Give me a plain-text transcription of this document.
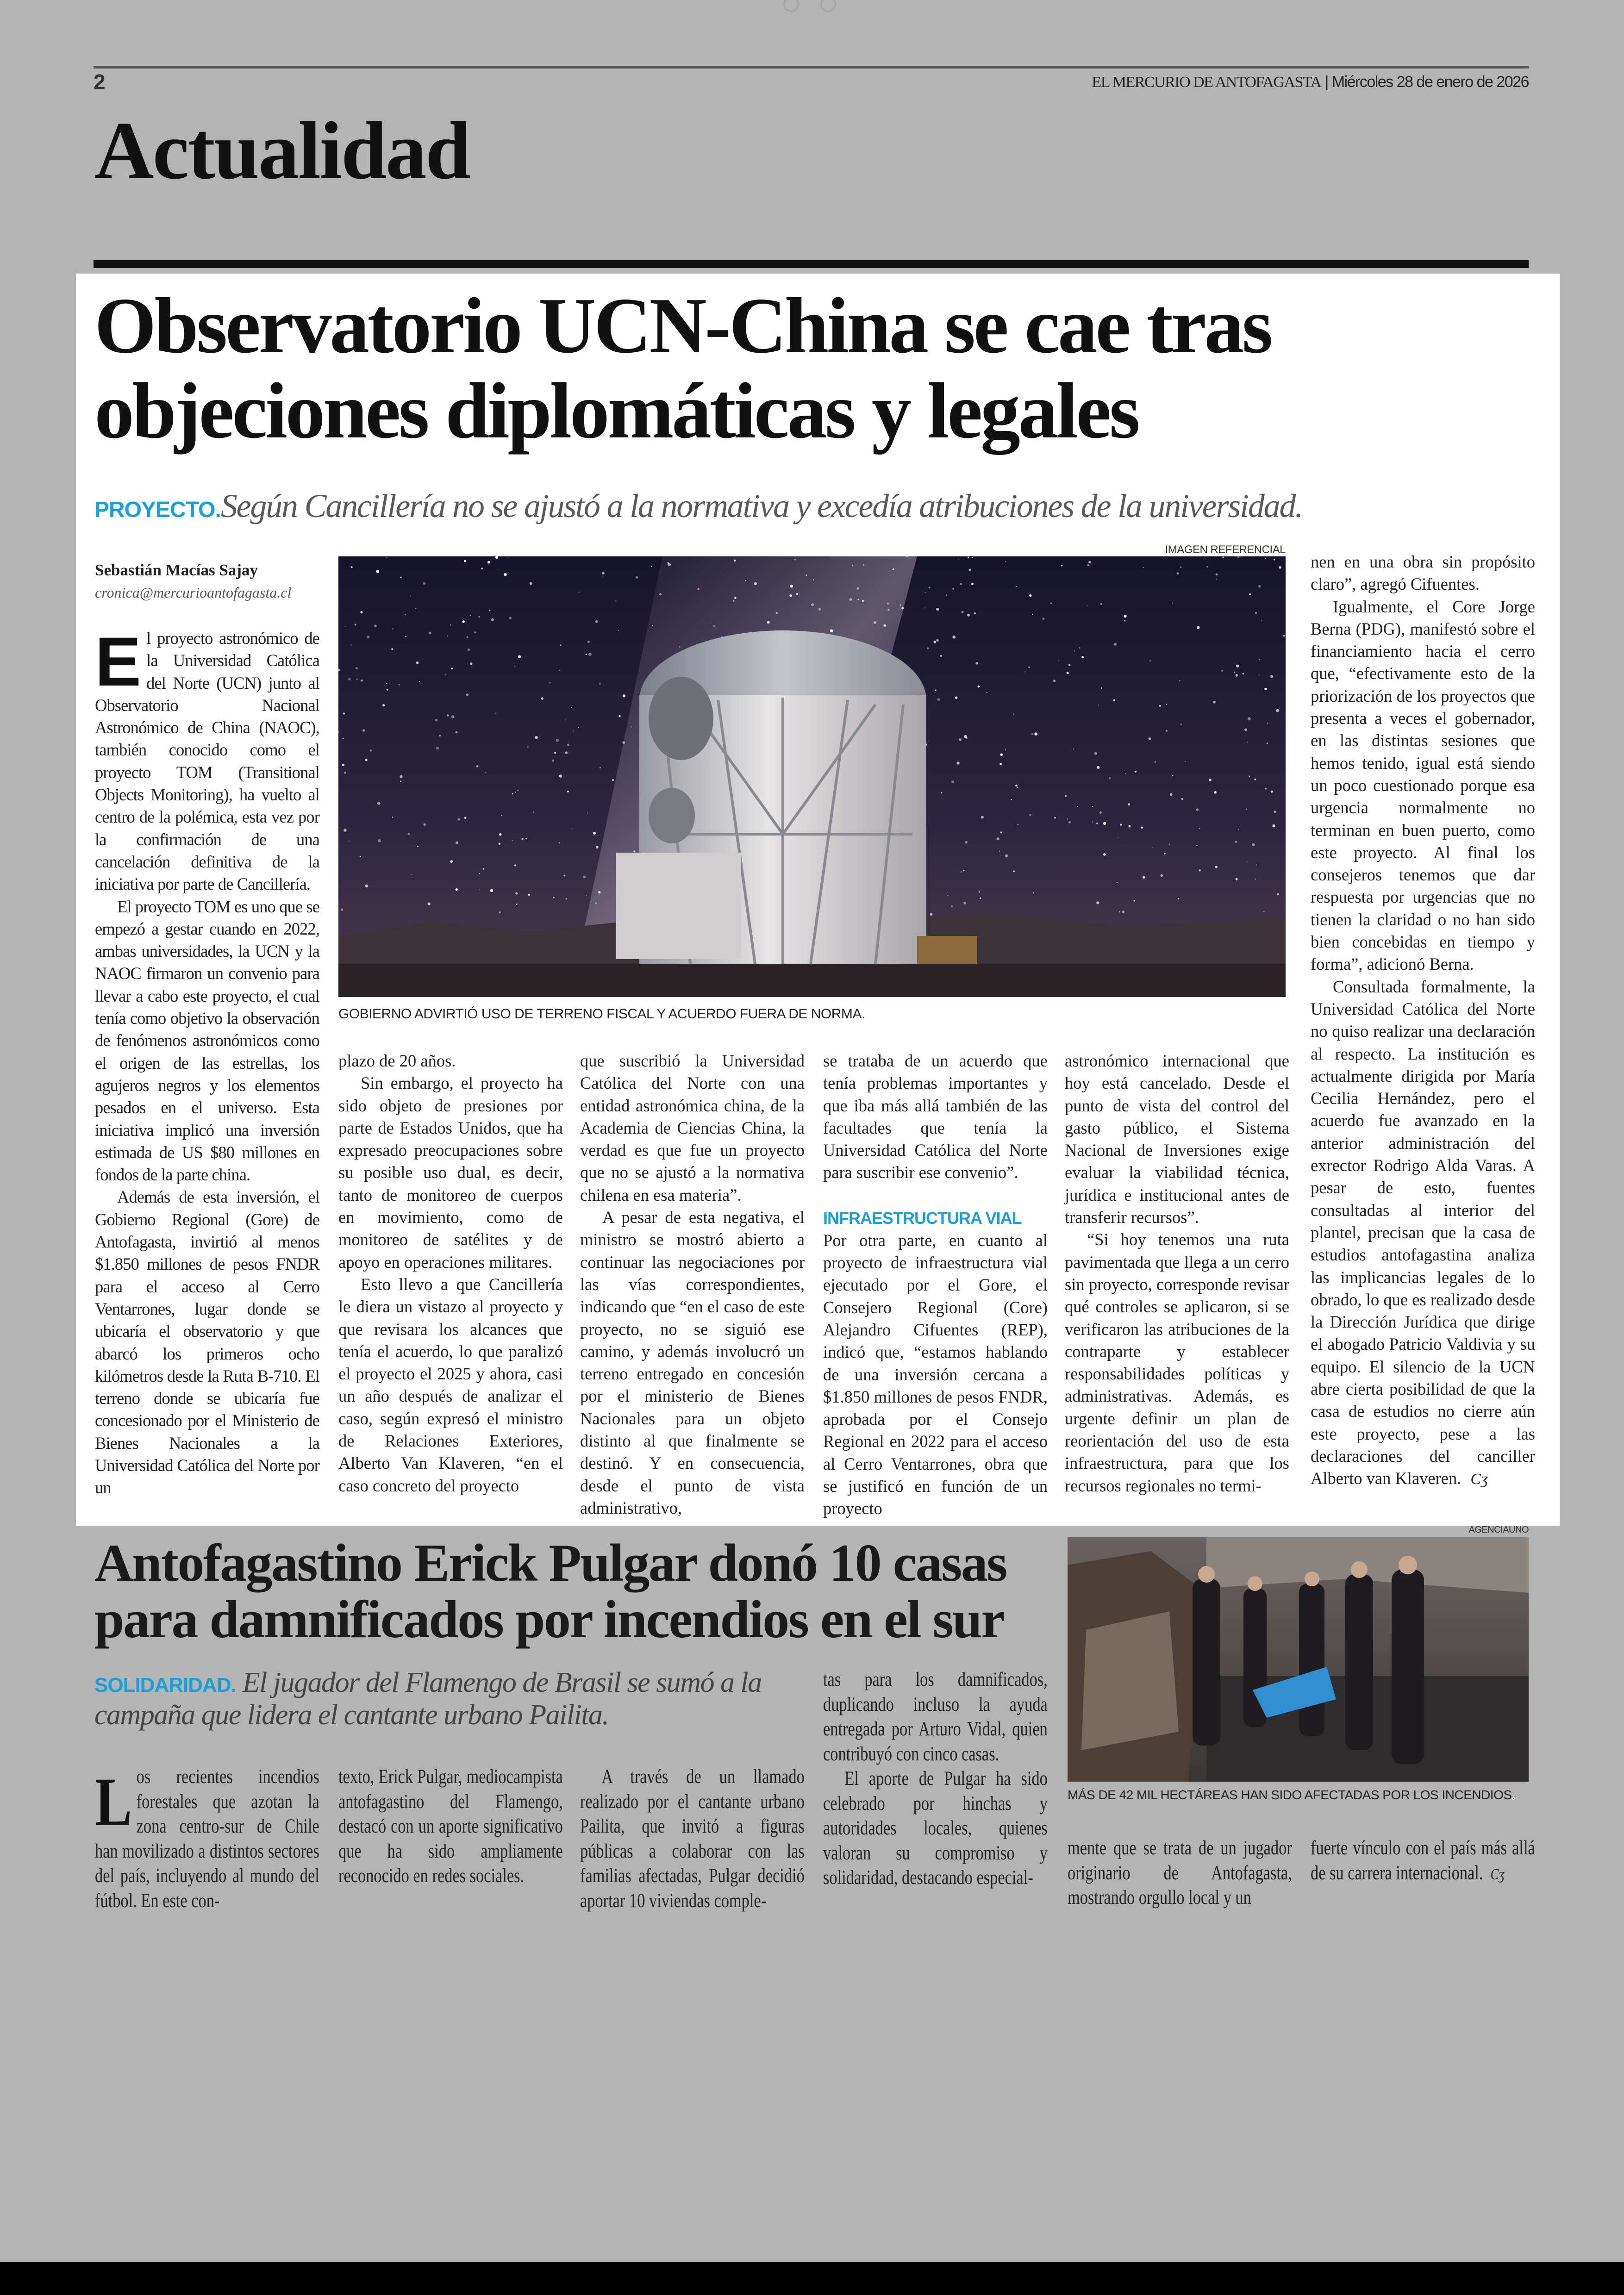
2	EL MERCURIO DE ANTOFAGASTA | Miércoles 28 de enero de 2026
Actualidad
Observatorio UCN-China se cae tras
objeciones diplomáticas y legales
PROYECTO.Según Cancillería no se ajustó a la normativa y excedía atribuciones de la universidad.
Sebastián Macías Sajay
cronica@mercurioantofagasta.cl
IMAGEN REFERENCIAL
GOBIERNO ADVIRTIÓ USO DE TERRENO FISCAL Y ACUERDO FUERA DE NORMA.

El proyecto astronómico de la Universidad Católica del Norte (UCN) junto al Observatorio Nacional Astronómico de China (NAOC), también conocido como el proyecto TOM (Transitional Objects Monitoring), ha vuelto al centro de la polémica, esta vez por la confirmación de una cancelación definitiva de la iniciativa por parte de Cancillería.

El proyecto TOM es uno que se empezó a gestar cuando en 2022, ambas universidades, la UCN y la NAOC firmaron un convenio para llevar a cabo este proyecto, el cual tenía como objetivo la observación de fenómenos astronómicos como el origen de las estrellas, los agujeros negros y los elementos pesados en el universo. Esta iniciativa implicó una inversión estimada de US $80 millones en fondos de la parte china.

Además de esta inversión, el Gobierno Regional (Gore) de Antofagasta, invirtió al menos $1.850 millones de pesos FNDR para el acceso al Cerro Ventarrones, lugar donde se ubicaría el observatorio y que abarcó los primeros ocho kilómetros desde la Ruta B-710. El terreno donde se ubicaría fue concesionado por el Ministerio de Bienes Nacionales a la Universidad Católica del Norte por un

plazo de 20 años.

Sin embargo, el proyecto ha sido objeto de presiones por parte de Estados Unidos, que ha expresado preocupaciones sobre su posible uso dual, es decir, tanto de monitoreo de cuerpos en movimiento, como de monitoreo de satélites y de apoyo en operaciones militares.

Esto llevo a que Cancillería le diera un vistazo al proyecto y que revisara los alcances que tenía el acuerdo, lo que paralizó el proyecto el 2025 y ahora, casi un año después de analizar el caso, según expresó el ministro de Relaciones Exteriores, Alberto Van Klaveren, “en el caso concreto del proyecto

que suscribió la Universidad Católica del Norte con una entidad astronómica china, de la Academia de Ciencias China, la verdad es que fue un proyecto que no se ajustó a la normativa chilena en esa materia”.

A pesar de esta negativa, el ministro se mostró abierto a continuar las negociaciones por las vías correspondientes, indicando que “en el caso de este proyecto, no se siguió ese camino, y además involucró un terreno entregado en concesión por el ministerio de Bienes Nacionales para un objeto distinto al que finalmente se destinó. Y en consecuencia, desde el punto de vista administrativo,

se trataba de un acuerdo que tenía problemas importantes y que iba más allá también de las facultades que tenía la Universidad Católica del Norte para suscribir ese convenio”.

INFRAESTRUCTURA VIAL

Por otra parte, en cuanto al proyecto de infraestructura vial ejecutado por el Gore, el Consejero Regional (Core) Alejandro Cifuentes (REP), indicó que, “estamos hablando de una inversión cercana a $1.850 millones de pesos FNDR, aprobada por el Consejo Regional en 2022 para el acceso al Cerro Ventarrones, obra que se justificó en función de un proyecto

astronómico internacional que hoy está cancelado. Desde el punto de vista del control del gasto público, el Sistema Nacional de Inversiones exige evaluar la viabilidad técnica, jurídica e institucional antes de transferir recursos”.

“Si hoy tenemos una ruta pavimentada que llega a un cerro sin proyecto, corresponde revisar qué controles se aplicaron, si se verificaron las atribuciones de la contraparte y establecer responsabilidades políticas y administrativas. Además, es urgente definir un plan de reorientación del uso de esta infraestructura, para que los recursos regionales no termi-

nen en una obra sin propósito claro”, agregó Cifuentes.

Igualmente, el Core Jorge Berna (PDG), manifestó sobre el financiamiento hacia el cerro que, “efectivamente esto de la priorización de los proyectos que presenta a veces el gobernador, en las distintas sesiones que hemos tenido, igual está siendo un poco cuestionado porque esa urgencia normalmente no terminan en buen puerto, como este proyecto. Al final los consejeros tenemos que dar respuesta por urgencias que no tienen la claridad o no han sido bien concebidas en tiempo y forma”, adicionó Berna.

Consultada formalmente, la Universidad Católica del Norte no quiso realizar una declaración al respecto. La institución es actualmente dirigida por María Cecilia Hernández, pero el acuerdo fue avanzado en la anterior administración del exrector Rodrigo Alda Varas. A pesar de esto, fuentes consultadas al interior del plantel, precisan que la casa de estudios antofagastina analiza las implicancias legales de lo obrado, lo que es realizado desde la Dirección Jurídica que dirige el abogado Patricio Valdivia y su equipo. El silencio de la UCN abre cierta posibilidad de que la casa de estudios no cierre aún este proyecto, pese a las declaraciones del canciller Alberto van Klaveren. Cʒ

Antofagastino Erick Pulgar donó 10 casas
para damnificados por incendios en el sur
SOLIDARIDAD. El jugador del Flamengo de Brasil se sumó a la campaña que lidera el cantante urbano Pailita.
AGENCIAUNO
MÁS DE 42 MIL HECTÁREAS HAN SIDO AFECTADAS POR LOS INCENDIOS.

Los recientes incendios forestales que azotan la zona centro-sur de Chile han movilizado a distintos sectores del país, incluyendo al mundo del fútbol. En este con-

texto, Erick Pulgar, mediocampista antofagastino del Flamengo, destacó con un aporte significativo que ha sido ampliamente reconocido en redes sociales.

A través de un llamado realizado por el cantante urbano Pailita, que invitó a figuras públicas a colaborar con las familias afectadas, Pulgar decidió aportar 10 viviendas comple-

tas para los damnificados, duplicando incluso la ayuda entregada por Arturo Vidal, quien contribuyó con cinco casas.

El aporte de Pulgar ha sido celebrado por hinchas y autoridades locales, quienes valoran su compromiso y solidaridad, destacando especial-

mente que se trata de un jugador originario de Antofagasta, mostrando orgullo local y un

fuerte vínculo con el país más allá de su carrera internacional. Cʒ
